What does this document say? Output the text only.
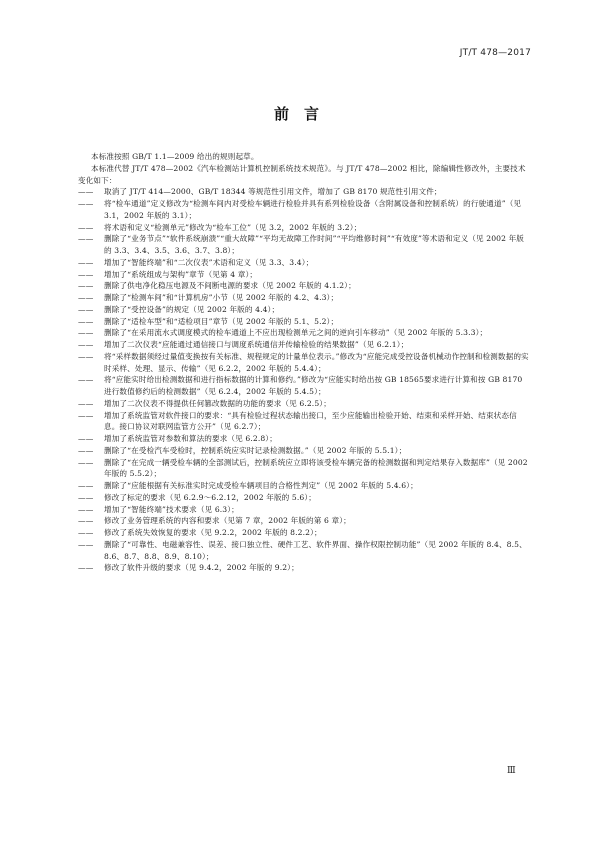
JT/T 478—2017
前　言

本标准按照 GB/T 1.1—2009 给出的规则起草。

本标准代替 JT/T 478—2002《汽车检测站计算机控制系统技术规范》。与 JT/T 478—2002 相比，除编辑性修改外，主要技术变化如下：

—— 取消了 JT/T 414—2000、GB/T 18344 等规范性引用文件，增加了 GB 8170 规范性引用文件；
—— 将“检车通道”定义修改为“检测车间内对受检车辆进行检验并具有系列检验设备（含附属设备和控制系统）的行驶通道”（见 3.1，2002 年版的 3.1）；
—— 将术语和定义“检测单元”修改为“检车工位”（见 3.2，2002 年版的 3.2）；
—— 删除了“业务节点”“软件系统崩溃”“重大故障”“平均无故障工作时间”“平均维修时间”“有效度”等术语和定义（见 2002 年版的 3.3、3.4、3.5、3.6、3.7、3.8）；
—— 增加了“智能终端”和“二次仪表”术语和定义（见 3.3、3.4）；
—— 增加了“系统组成与架构”章节（见第 4 章）；
—— 删除了供电净化稳压电源及不间断电源的要求（见 2002 年版的 4.1.2）；
—— 删除了“检测车间”和“计算机房”小节（见 2002 年版的 4.2、4.3）；
—— 删除了“受控设备”的规定（见 2002 年版的 4.4）；
—— 删除了“适检车型”和“适检项目”章节（见 2002 年版的 5.1、5.2）；
—— 删除了“在采用流水式调度模式的检车通道上不应出现检测单元之间的逆向引车移动”（见 2002 年版的 5.3.3）；
—— 增加了二次仪表“应能通过通信接口与调度系统通信并传输检验的结果数据”（见 6.2.1）；
—— 将“采样数据须经过量值变换按有关标准、规程规定的计量单位表示。”修改为“应能完成受控设备机械动作控制和检测数据的实时采样、处理、显示、传输”（见 6.2.2，2002 年版的 5.4.4）；
—— 将“应能实时给出检测数据和进行指标数据的计算和修约。”修改为“应能实时给出按 GB 18565要求进行计算和按 GB 8170 进行数值修约后的检测数据”（见 6.2.4，2002 年版的 5.4.5）；
—— 增加了二次仪表不得提供任何篡改数据的功能的要求（见 6.2.5）；
—— 增加了系统监管对软件接口的要求：“具有检验过程状态输出接口，至少应能输出检验开始、结束和采样开始、结束状态信息。接口协议对联网监管方公开”（见 6.2.7）；
—— 增加了系统监管对参数和算法的要求（见 6.2.8）；
—— 删除了“在受检汽车受检时，控制系统应实时记录检测数据。”（见 2002 年版的 5.5.1）；
—— 删除了“在完成一辆受检车辆的全部测试后，控制系统应立即将该受检车辆完备的检测数据和判定结果存入数据库”（见 2002 年版的 5.5.2）；
—— 删除了“应能根据有关标准实时完成受检车辆项目的合格性判定”（见 2002 年版的 5.4.6）；
—— 修改了标定的要求（见 6.2.9～6.2.12，2002 年版的 5.6）；
—— 增加了“智能终端”技术要求（见 6.3）；
—— 修改了业务管理系统的内容和要求（见第 7 章，2002 年版的第 6 章）；
—— 修改了系统失效恢复的要求（见 9.2.2，2002 年版的 8.2.2）；
—— 删除了“可靠性、电磁兼容性、误差、接口独立性、硬件工艺、软件界面、操作权限控制功能”（见 2002 年版的 8.4、8.5、8.6、8.7、8.8、8.9、8.10）；
—— 修改了软件升级的要求（见 9.4.2，2002 年版的 9.2）；
Ⅲ
